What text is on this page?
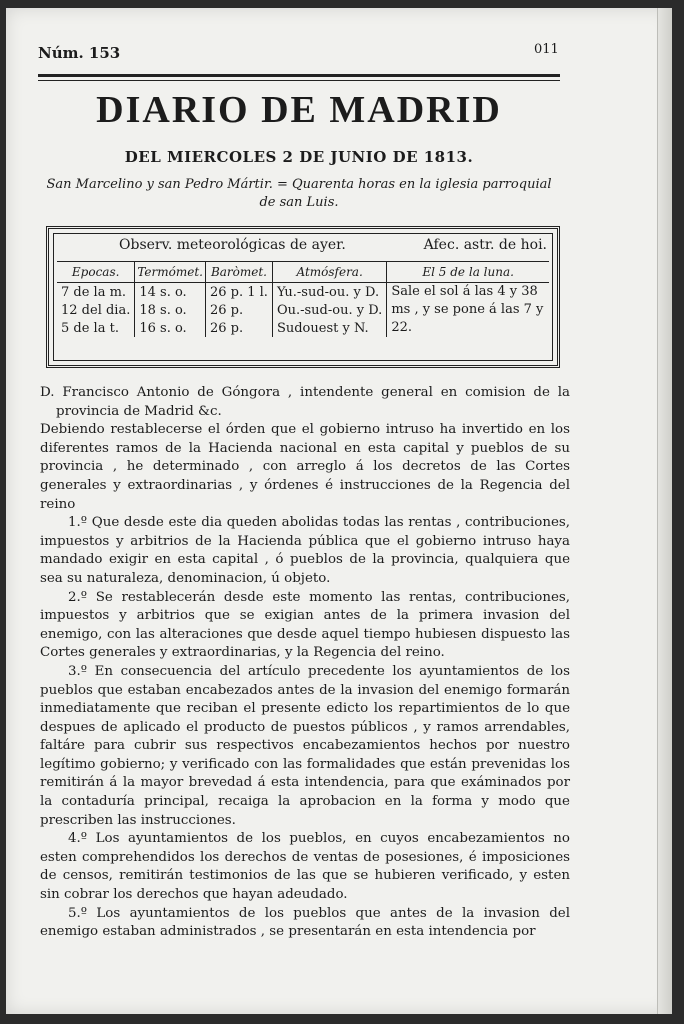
Núm. 153	011
DIARIO DE MADRID
DEL MIERCOLES 2 DE JUNIO DE 1813.
San Marcelino y san Pedro Mártir. = Quarenta horas en la iglesia parroquial de san Luis.
Observ. meteorológicas de ayer.	Afec. astr. de hoi.
Epocas.	Termómet.	Baròmet.	Atmósfera.	El 5 de la luna.
7 de la m.	14 s. o.	26 p. 1 l.	Yu.-sud-ou. y D.	Sale el sol á las 4 y 38 ms , y se pone á las 7 y 22.
12 del dia.	18 s. o.	26 p.	Ou.-sud-ou. y D.	
5 de la t.	16 s. o.	26 p.	Sudouest y N.	

D. Francisco Antonio de Góngora , intendente general en comision de la provincia de Madrid &c.

Debiendo restablecerse el órden que el gobierno intruso ha invertido en los diferentes ramos de la Hacienda nacional en esta capital y pueblos de su provincia , he determinado , con arreglo á los decretos de las Cortes generales y extraordinarias , y órdenes é instrucciones de la Regencia del reino

1.º Que desde este dia queden abolidas todas las rentas , contribuciones, impuestos y arbitrios de la Hacienda pública que el gobierno intruso haya mandado exigir en esta capital , ó pueblos de la provincia, qualquiera que sea su naturaleza, denominacion, ú objeto.

2.º Se restablecerán desde este momento las rentas, contribuciones, impuestos y arbitrios que se exigian antes de la primera invasion del enemigo, con las alteraciones que desde aquel tiempo hubiesen dispuesto las Cortes generales y extraordinarias, y la Regencia del reino.

3.º En consecuencia del artículo precedente los ayuntamientos de los pueblos que estaban encabezados antes de la invasion del enemigo formarán inmediatamente que reciban el presente edicto los repartimientos de lo que despues de aplicado el producto de puestos públicos , y ramos arrendables, faltáre para cubrir sus respectivos encabezamientos hechos por nuestro legítimo gobierno; y verificado con las formalidades que están prevenidas los remitirán á la mayor brevedad á esta intendencia, para que exáminados por la contaduría principal, recaiga la aprobacion en la forma y modo que prescriben las instrucciones.

4.º Los ayuntamientos de los pueblos, en cuyos encabezamientos no esten comprehendidos los derechos de ventas de posesiones, é imposiciones de censos, remitirán testimonios de las que se hubieren verificado, y esten sin cobrar los derechos que hayan adeudado.

5.º Los ayuntamientos de los pueblos que antes de la invasion del enemigo estaban administrados , se presentarán en esta intendencia por
